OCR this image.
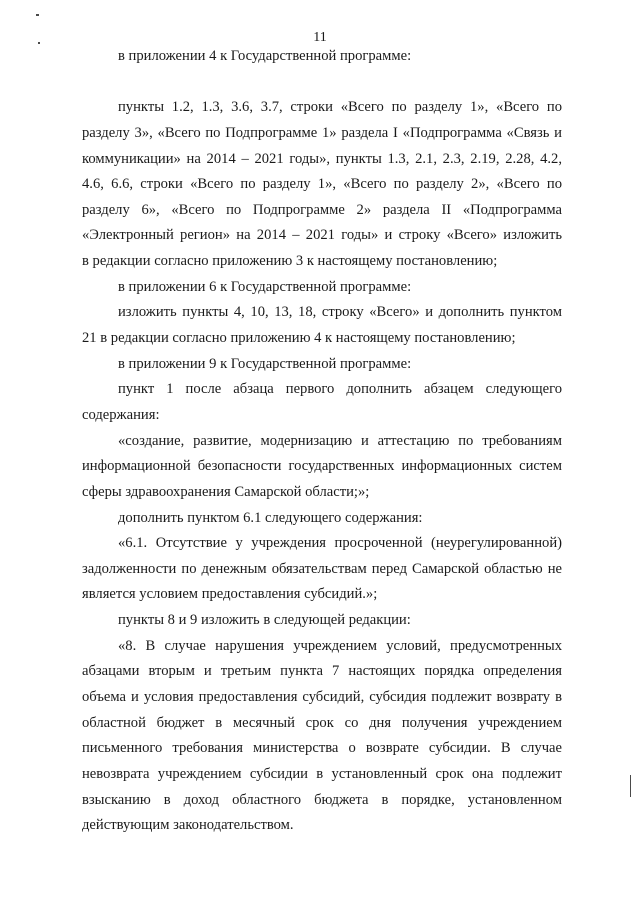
11
в приложении 4 к Государственной программе:
пункты 1.2, 1.3, 3.6, 3.7, строки «Всего по разделу 1», «Всего по
разделу 3», «Всего по Подпрограмме 1» раздела I «Подпрограмма «Связь и
коммуникации» на 2014 – 2021 годы», пункты 1.3, 2.1, 2.3, 2.19, 2.28, 4.2,
4.6, 6.6, строки «Всего по разделу 1», «Всего по разделу 2», «Всего по
разделу 6», «Всего по Подпрограмме 2» раздела II «Подпрограмма
«Электронный регион» на 2014 – 2021 годы» и строку «Всего» изложить
в редакции согласно приложению 3 к настоящему постановлению;
в приложении 6 к Государственной программе:
изложить пункты 4, 10, 13, 18, строку «Всего» и дополнить пунктом
21 в редакции согласно приложению 4 к настоящему постановлению;
в приложении 9 к Государственной программе:
пункт 1 после абзаца первого дополнить абзацем следующего
содержания:
«создание, развитие, модернизацию и аттестацию по требованиям
информационной безопасности государственных информационных систем
сферы здравоохранения Самарской области;»;
дополнить пунктом 6.1 следующего содержания:
«6.1. Отсутствие у учреждения просроченной (неурегулированной)
задолженности по денежным обязательствам перед Самарской областью не
является условием предоставления субсидий.»;
пункты 8 и 9 изложить в следующей редакции:
«8. В случае нарушения учреждением условий, предусмотренных
абзацами вторым и третьим пункта 7 настоящих порядка определения
объема и условия предоставления субсидий, субсидия подлежит возврату в
областной бюджет в месячный срок со дня получения учреждением
письменного требования министерства о возврате субсидии. В случае
невозврата учреждением субсидии в установленный срок она подлежит
взысканию в доход областного бюджета в порядке, установленном
действующим законодательством.
